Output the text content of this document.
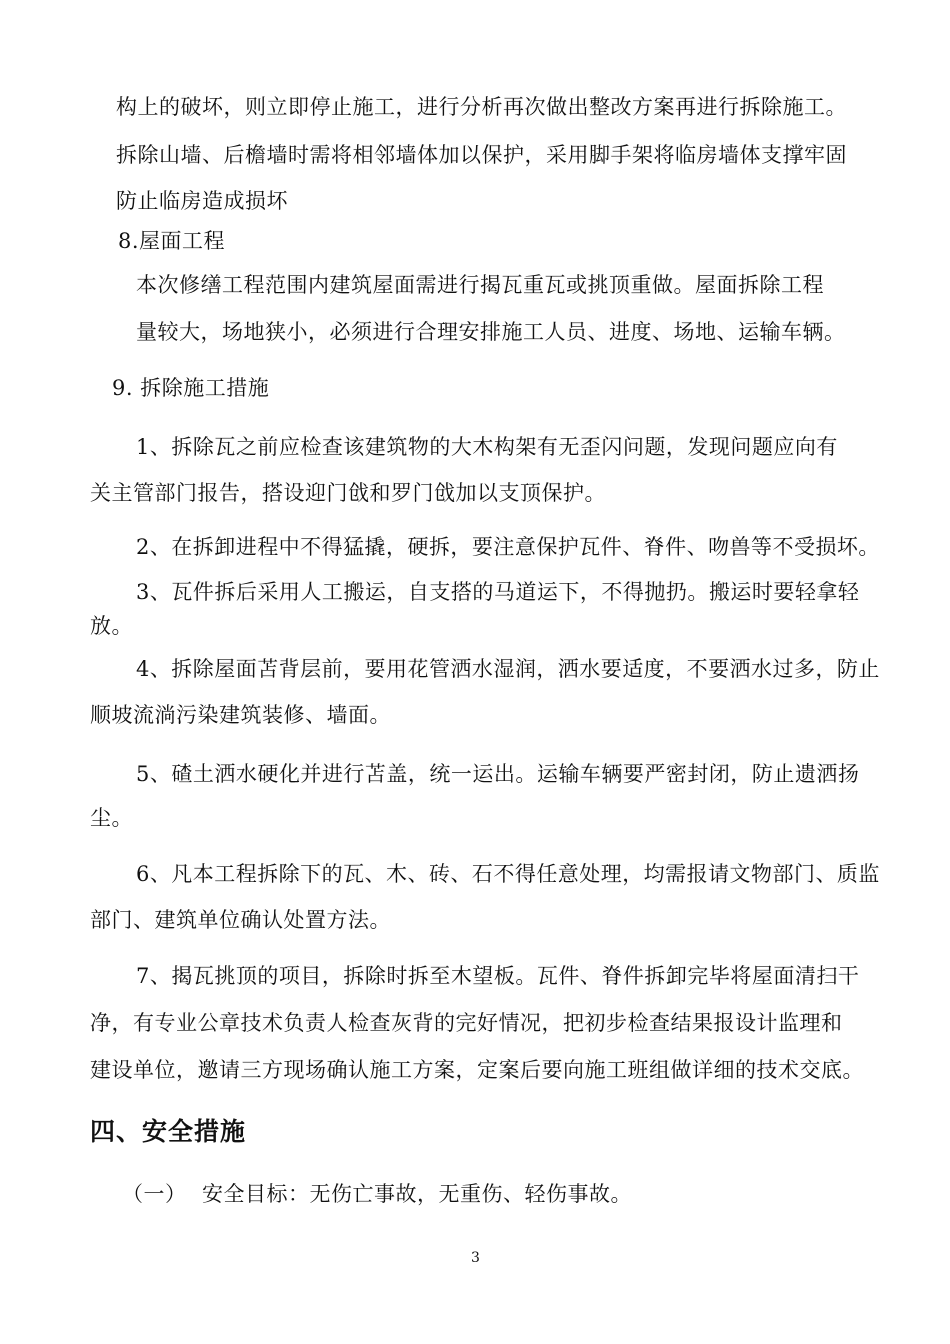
构上的破坏，则立即停止施工，进行分析再次做出整改方案再进行拆除施工。
拆除山墙、后檐墙时需将相邻墙体加以保护，采用脚手架将临房墙体支撑牢固
防止临房造成损坏
8.屋面工程
本次修缮工程范围内建筑屋面需进行揭瓦重瓦或挑顶重做。屋面拆除工程
量较大，场地狭小，必须进行合理安排施工人员、进度、场地、运输车辆。
9. 拆除施工措施
1、拆除瓦之前应检查该建筑物的大木构架有无歪闪问题，发现问题应向有
关主管部门报告，搭设迎门戗和罗门戗加以支顶保护。
2、在拆卸进程中不得猛撬，硬拆，要注意保护瓦件、脊件、吻兽等不受损坏。
3、瓦件拆后采用人工搬运，自支搭的马道运下，不得抛扔。搬运时要轻拿轻
放。
4、拆除屋面苫背层前，要用花管洒水湿润，洒水要适度，不要洒水过多，防止
顺坡流淌污染建筑装修、墙面。
5、碴土洒水硬化并进行苫盖，统一运出。运输车辆要严密封闭，防止遗洒扬
尘。
6、凡本工程拆除下的瓦、木、砖、石不得任意处理，均需报请文物部门、质监
部门、建筑单位确认处置方法。
7、揭瓦挑顶的项目，拆除时拆至木望板。瓦件、脊件拆卸完毕将屋面清扫干
净，有专业公章技术负责人检查灰背的完好情况，把初步检查结果报设计监理和
建设单位，邀请三方现场确认施工方案，定案后要向施工班组做详细的技术交底。
四、安全措施
（一） 安全目标：无伤亡事故，无重伤、轻伤事故。
3
